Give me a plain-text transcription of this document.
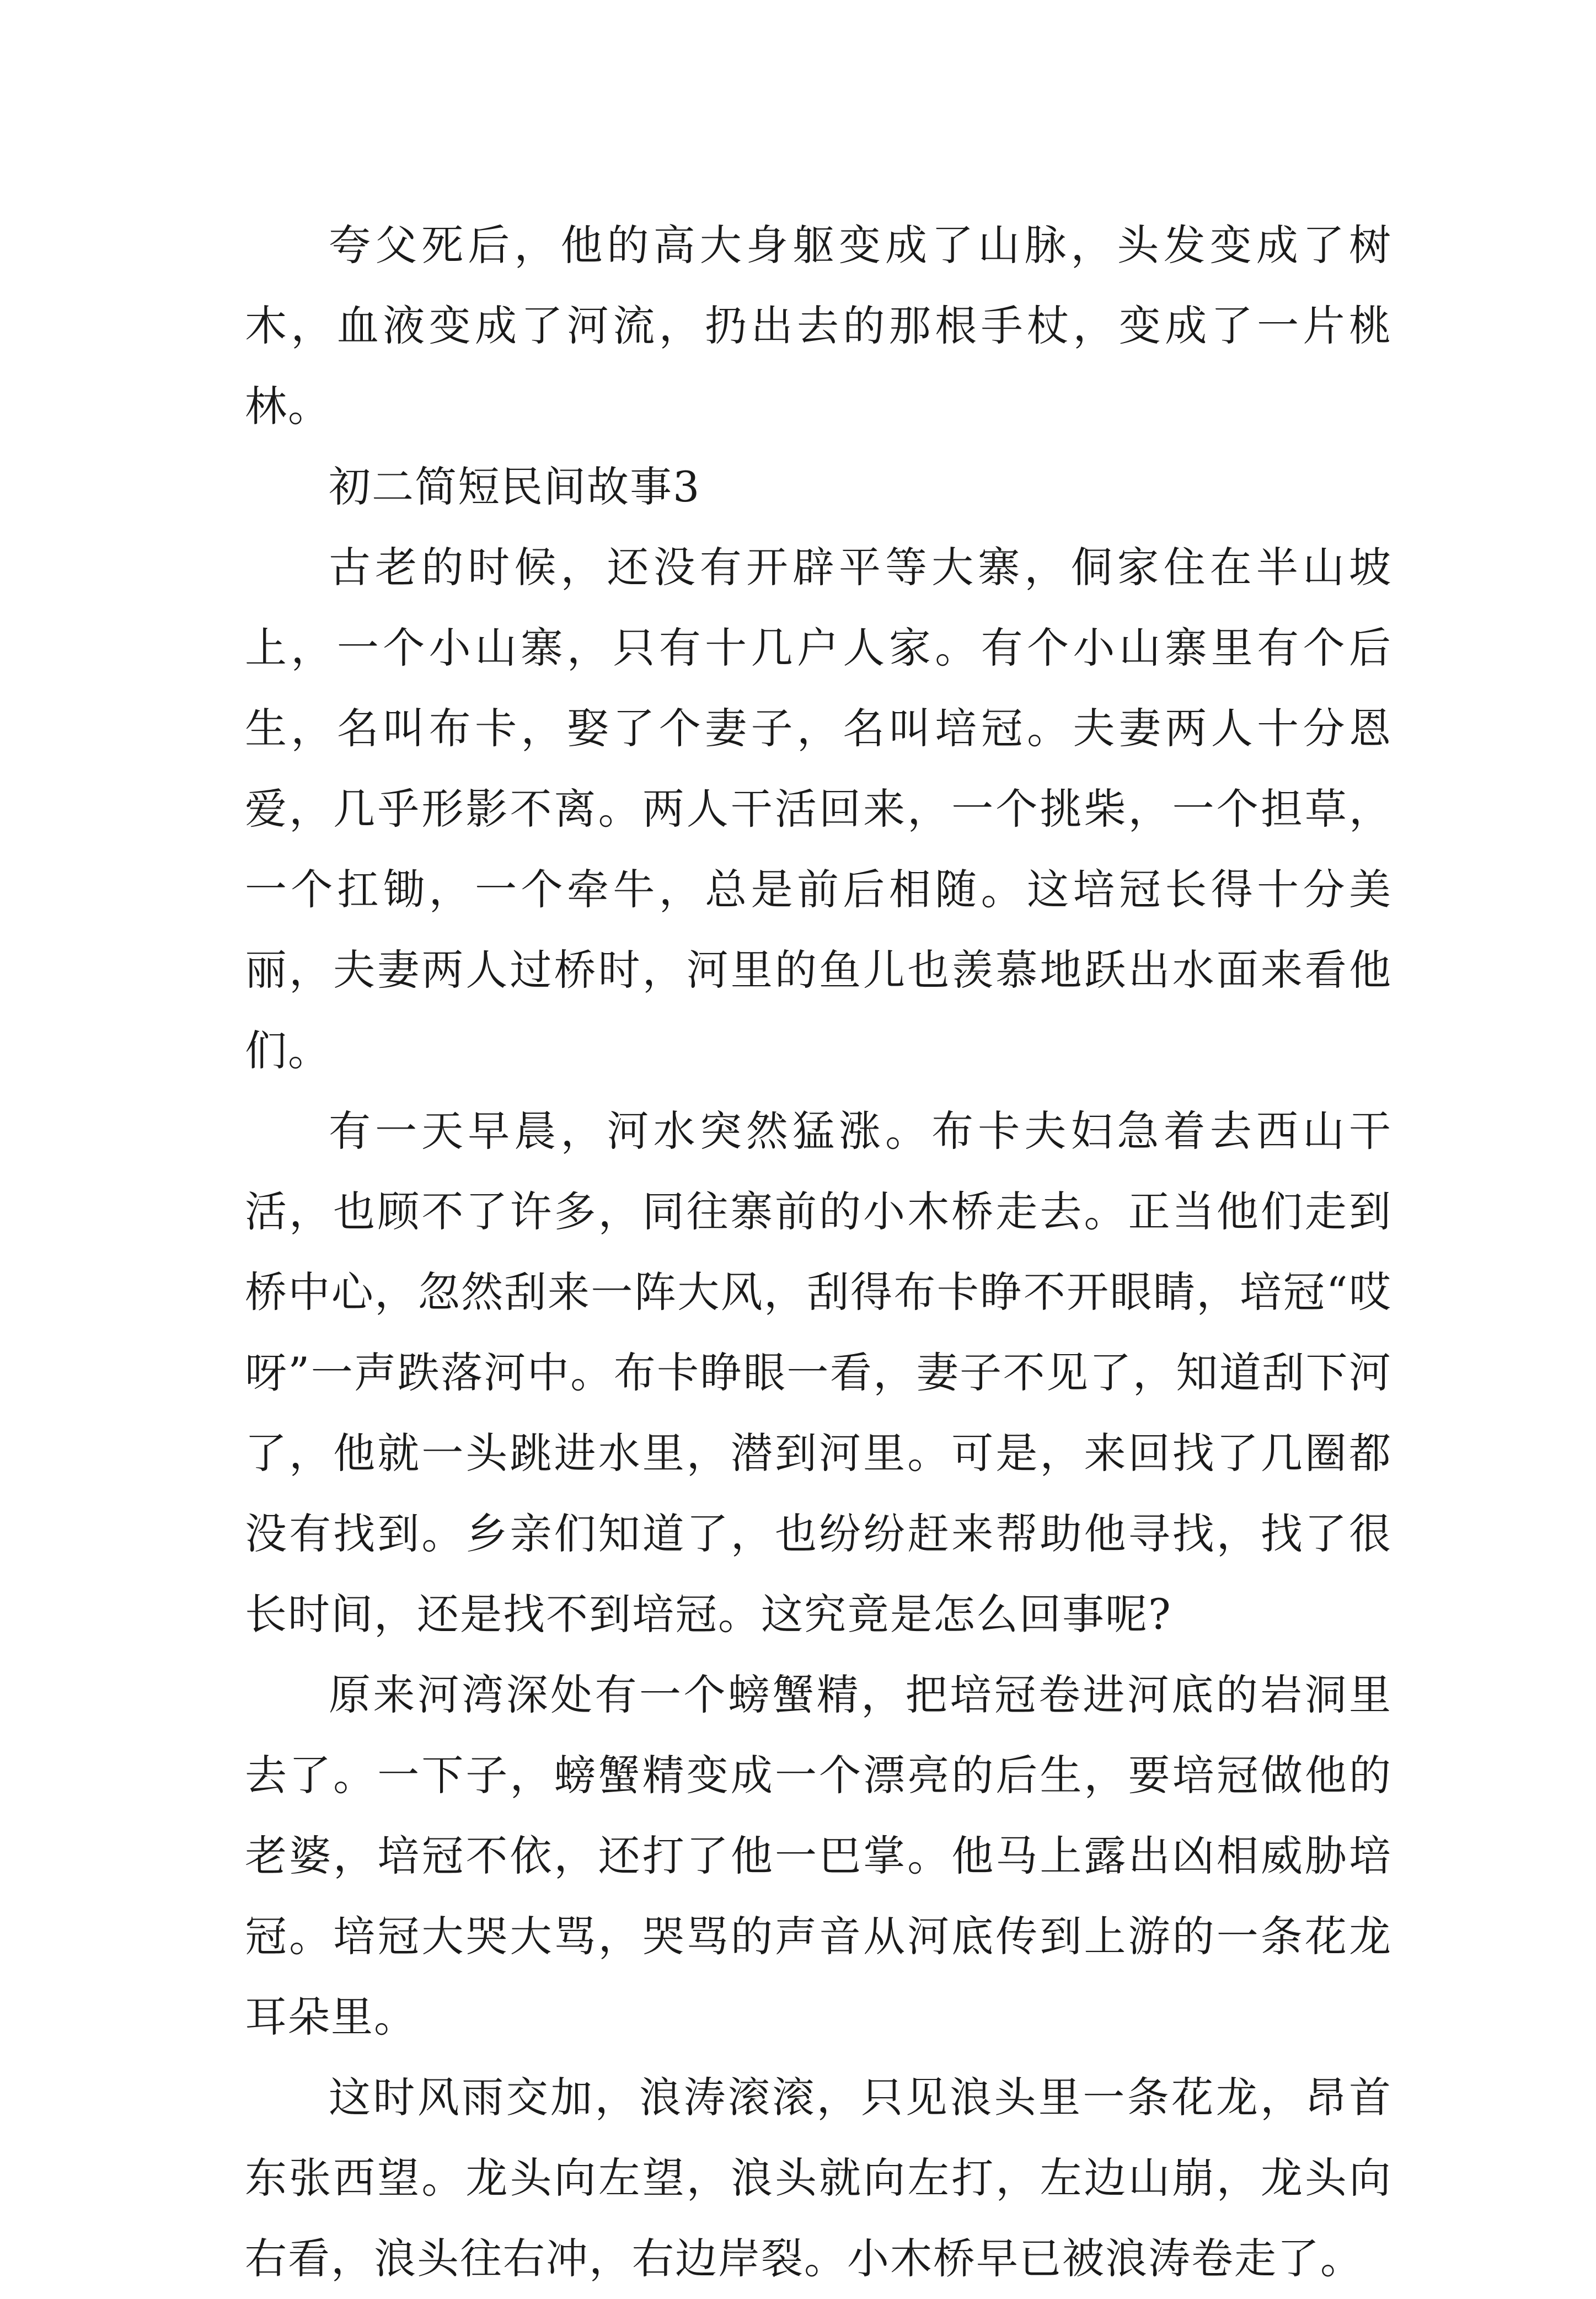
夸父死后，他的高大身躯变成了山脉，头发变成了树木，血液变成了河流，扔出去的那根手杖，变成了一片桃林。

初二简短民间故事3

古老的时候，还没有开辟平等大寨，侗家住在半山坡上，一个小山寨，只有十几户人家。有个小山寨里有个后生，名叫布卡，娶了个妻子，名叫培冠。夫妻两人十分恩爱，几乎形影不离。两人干活回来，一个挑柴，一个担草，一个扛锄，一个牵牛，总是前后相随。这培冠长得十分美丽，夫妻两人过桥时，河里的鱼儿也羡慕地跃出水面来看他们。

有一天早晨，河水突然猛涨。布卡夫妇急着去西山干活，也顾不了许多，同往寨前的小木桥走去。正当他们走到桥中心，忽然刮来一阵大风，刮得布卡睁不开眼睛，培冠“哎呀”一声跌落河中。布卡睁眼一看，妻子不见了，知道刮下河了，他就一头跳进水里，潜到河里。可是，来回找了几圈都没有找到。乡亲们知道了，也纷纷赶来帮助他寻找，找了很长时间，还是找不到培冠。这究竟是怎么回事呢?

原来河湾深处有一个螃蟹精，把培冠卷进河底的岩洞里去了。一下子，螃蟹精变成一个漂亮的后生，要培冠做他的老婆，培冠不依，还打了他一巴掌。他马上露出凶相威胁培冠。培冠大哭大骂，哭骂的声音从河底传到上游的一条花龙耳朵里。

这时风雨交加，浪涛滚滚，只见浪头里一条花龙，昂首东张西望。龙头向左望，浪头就向左打，左边山崩，龙头向右看，浪头往右冲，右边岸裂。小木桥早已被浪涛卷走了。
